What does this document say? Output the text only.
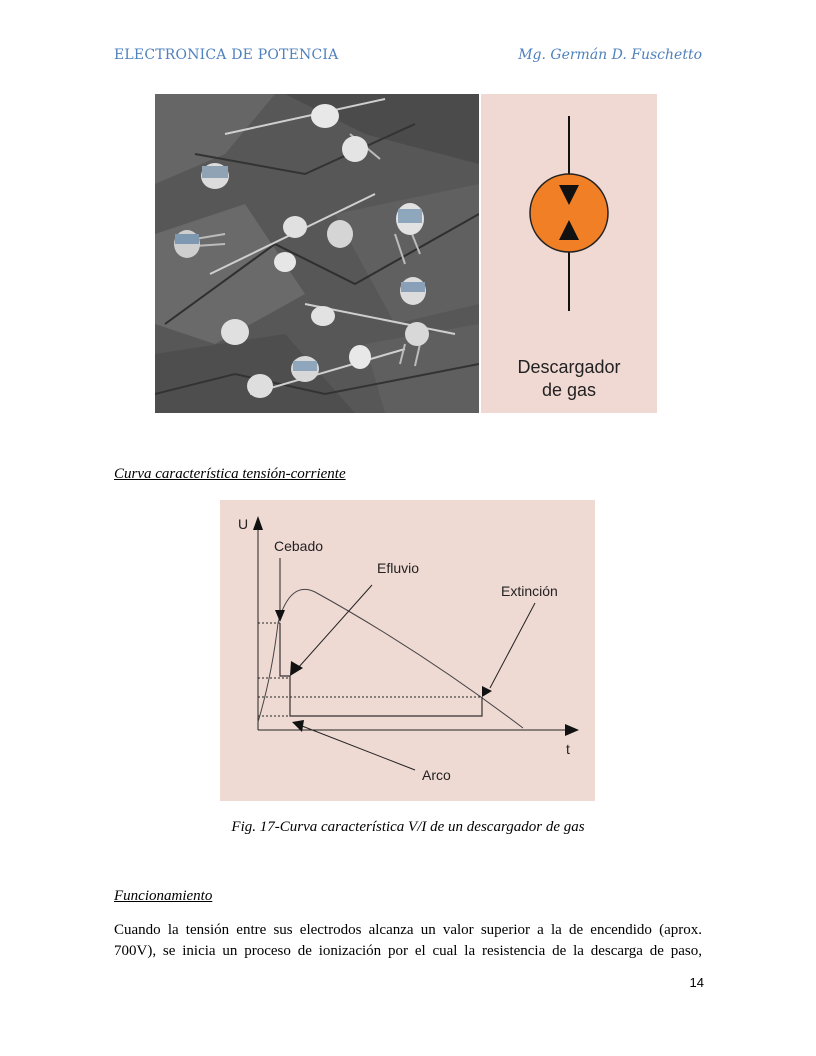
ELECTRONICA DE POTENCIA	Mg. Germán D. Fuschetto
Descargador
de gas
Curva característica tensión-corriente
U
t
Cebado
Efluvio
Extinción
Arco
Fig. 17-Curva característica V/I de un descargador de gas
Funcionamiento
Cuando la tensión entre sus electrodos alcanza un valor superior a la de encendido (aprox.
700V), se inicia un proceso de ionización por el cual la resistencia de la descarga de paso,
14
